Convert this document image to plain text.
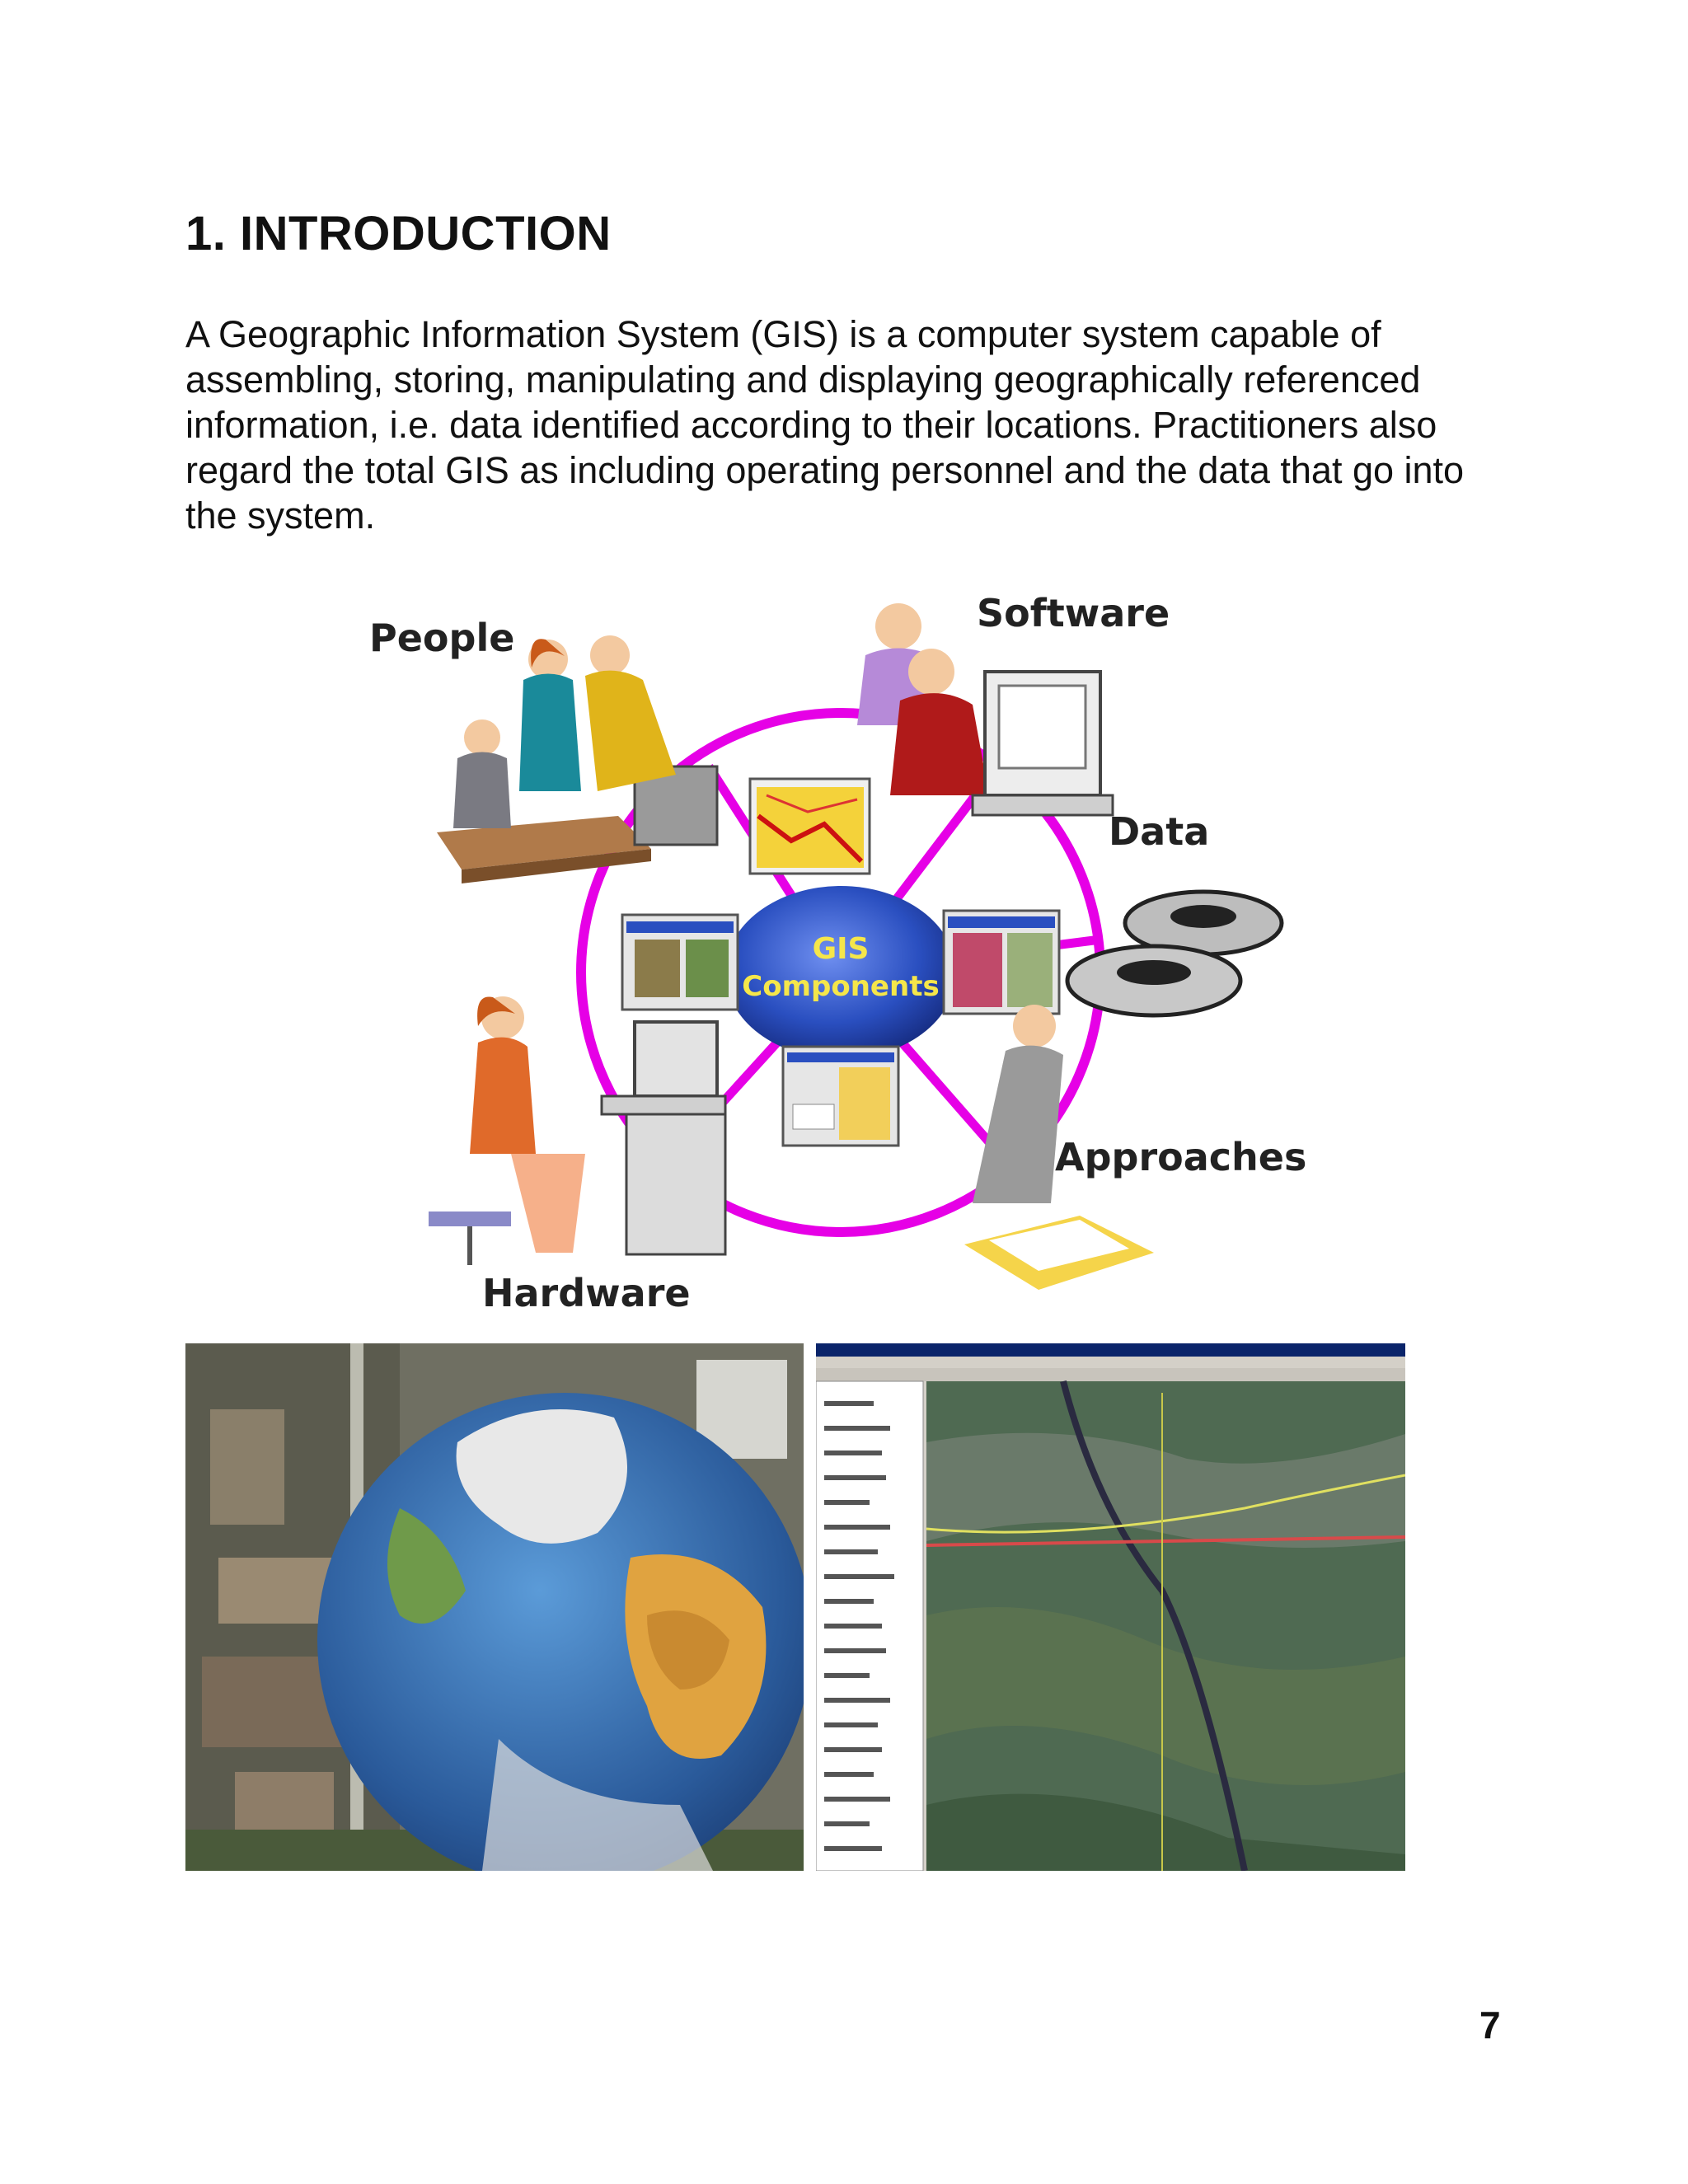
1. INTRODUCTION

A Geographic Information System (GIS) is a computer system capable of assembling, storing, manipulating and displaying geographically referenced information, i.e. data identified according to their locations. Practitioners also regard the total GIS as including operating personnel and the data that go into the system.

GIS
Components
People
Software
Data
Approaches
Hardware
7
